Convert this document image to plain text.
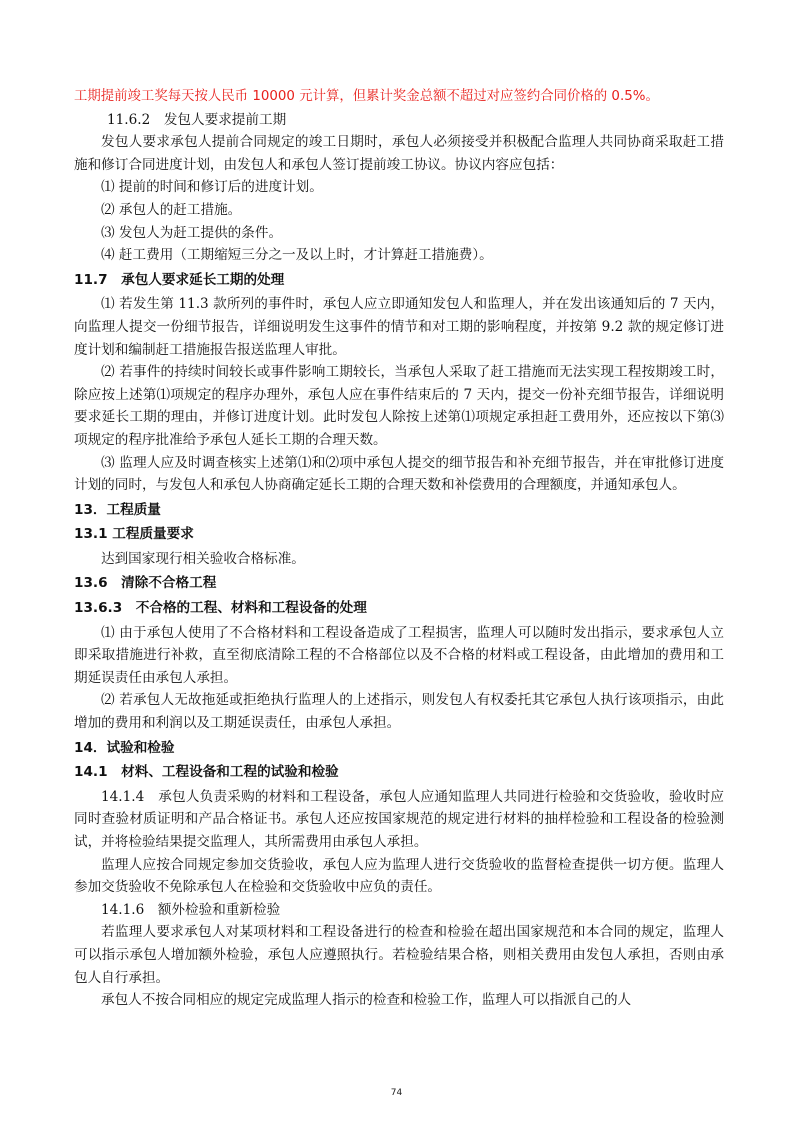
工期提前竣工奖每天按人民币 10000 元计算，但累计奖金总额不超过对应签约合同价格的 0.5%。

11.6.2　发包人要求提前工期

发包人要求承包人提前合同规定的竣工日期时，承包人必须接受并积极配合监理人共同协商采取赶工措施和修订合同进度计划，由发包人和承包人签订提前竣工协议。协议内容应包括：

⑴ 提前的时间和修订后的进度计划。

⑵ 承包人的赶工措施。

⑶ 发包人为赶工提供的条件。

⑷ 赶工费用（工期缩短三分之一及以上时，才计算赶工措施费）。

11.7　承包人要求延长工期的处理

⑴ 若发生第 11.3 款所列的事件时，承包人应立即通知发包人和监理人，并在发出该通知后的 7 天内，向监理人提交一份细节报告，详细说明发生这事件的情节和对工期的影响程度，并按第 9.2 款的规定修订进度计划和编制赶工措施报告报送监理人审批。

⑵ 若事件的持续时间较长或事件影响工期较长，当承包人采取了赶工措施而无法实现工程按期竣工时，除应按上述第⑴项规定的程序办理外，承包人应在事件结束后的 7 天内，提交一份补充细节报告，详细说明要求延长工期的理由，并修订进度计划。此时发包人除按上述第⑴项规定承担赶工费用外，还应按以下第⑶项规定的程序批准给予承包人延长工期的合理天数。

⑶ 监理人应及时调查核实上述第⑴和⑵项中承包人提交的细节报告和补充细节报告，并在审批修订进度计划的同时，与发包人和承包人协商确定延长工期的合理天数和补偿费用的合理额度，并通知承包人。

13．工程质量

13.1 工程质量要求

达到国家现行相关验收合格标准。

13.6　清除不合格工程

13.6.3　不合格的工程、材料和工程设备的处理

⑴ 由于承包人使用了不合格材料和工程设备造成了工程损害，监理人可以随时发出指示，要求承包人立即采取措施进行补救，直至彻底清除工程的不合格部位以及不合格的材料或工程设备，由此增加的费用和工期延误责任由承包人承担。

⑵ 若承包人无故拖延或拒绝执行监理人的上述指示，则发包人有权委托其它承包人执行该项指示，由此增加的费用和利润以及工期延误责任，由承包人承担。

14．试验和检验

14.1　材料、工程设备和工程的试验和检验

14.1.4　承包人负责采购的材料和工程设备，承包人应通知监理人共同进行检验和交货验收，验收时应同时查验材质证明和产品合格证书。承包人还应按国家规范的规定进行材料的抽样检验和工程设备的检验测试，并将检验结果提交监理人，其所需费用由承包人承担。

监理人应按合同规定参加交货验收，承包人应为监理人进行交货验收的监督检查提供一切方便。监理人参加交货验收不免除承包人在检验和交货验收中应负的责任。

14.1.6　额外检验和重新检验

若监理人要求承包人对某项材料和工程设备进行的检查和检验在超出国家规范和本合同的规定，监理人可以指示承包人增加额外检验，承包人应遵照执行。若检验结果合格，则相关费用由发包人承担，否则由承包人自行承担。

承包人不按合同相应的规定完成监理人指示的检查和检验工作，监理人可以指派自己的人

74
